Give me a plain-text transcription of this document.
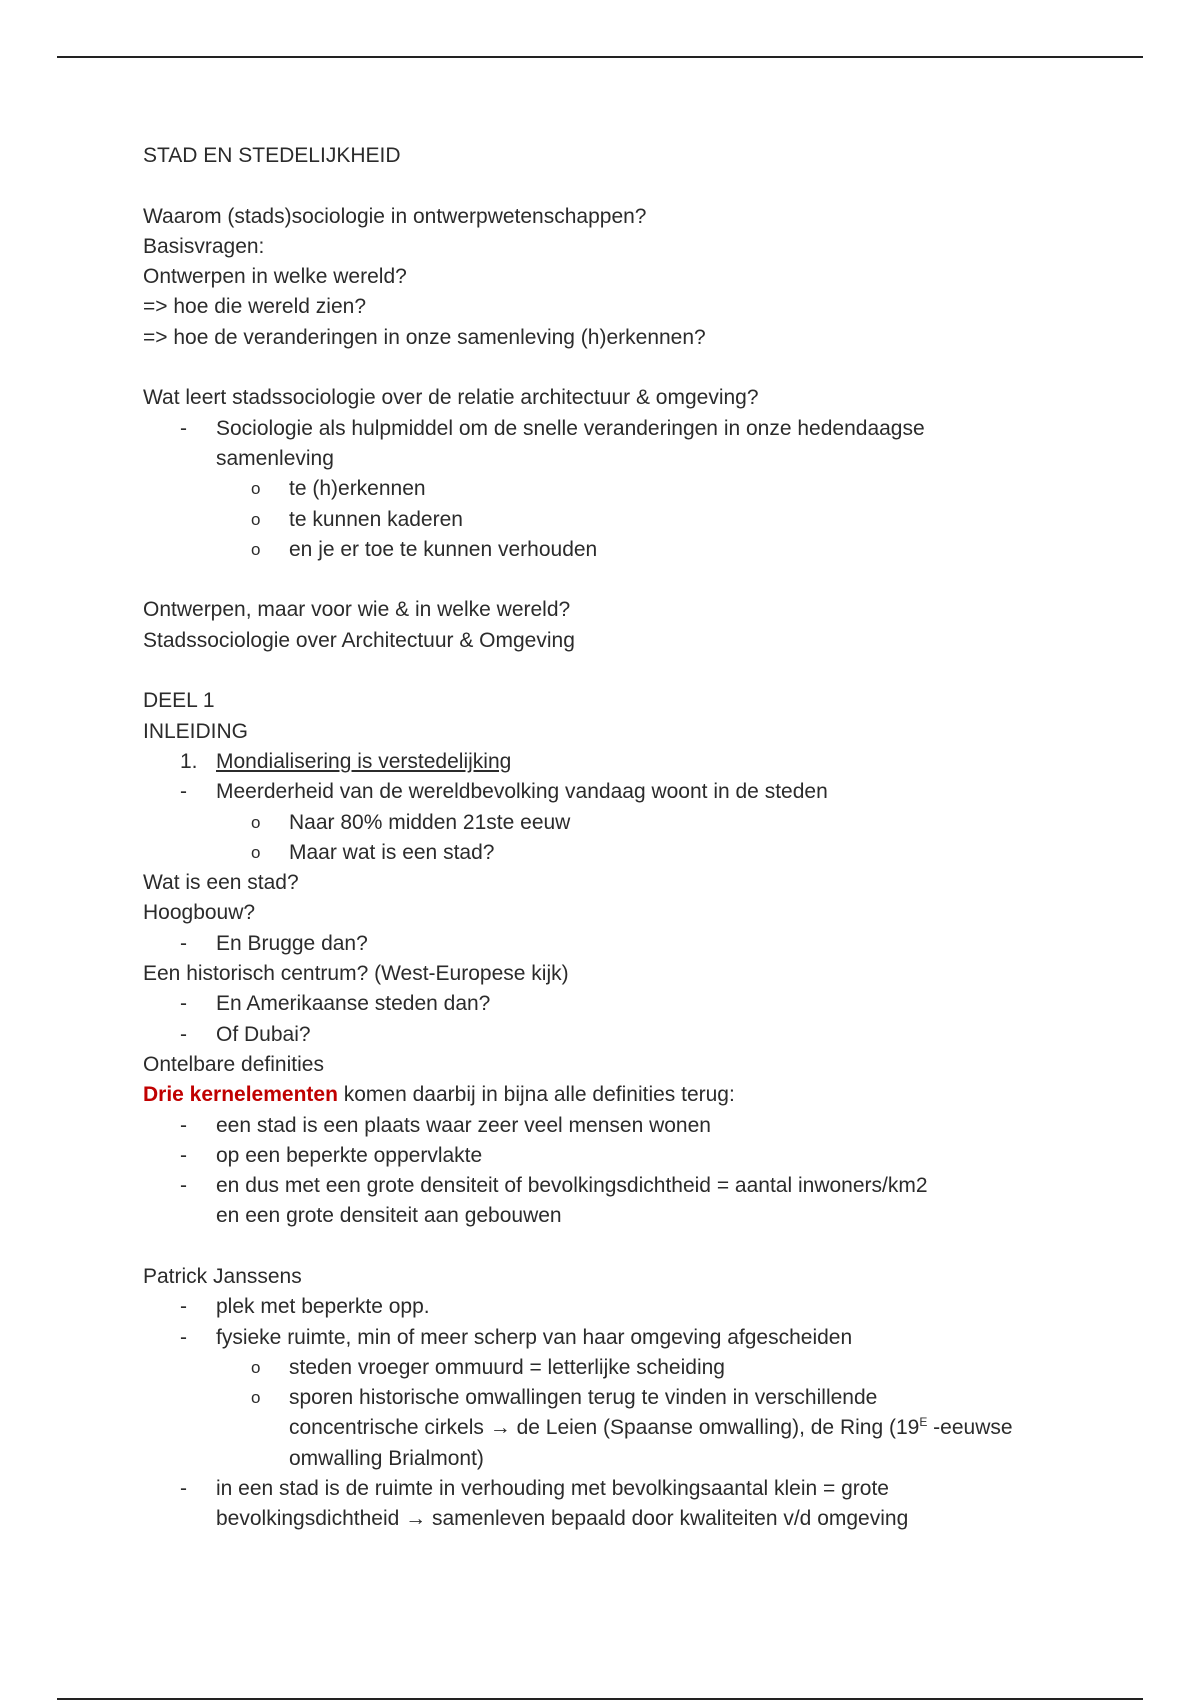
STAD EN STEDELIJKHEID
Waarom (stads)sociologie in ontwerpwetenschappen?
Basisvragen:
Ontwerpen in welke wereld?
=> hoe die wereld zien?
=> hoe de veranderingen in onze samenleving (h)erkennen?
Wat leert stadssociologie over de relatie architectuur & omgeving?
- Sociologie als hulpmiddel om de snelle veranderingen in onze hedendaagse
samenleving
o te (h)erkennen
o te kunnen kaderen
o en je er toe te kunnen verhouden
Ontwerpen, maar voor wie & in welke wereld?
Stadssociologie over Architectuur & Omgeving
DEEL 1
INLEIDING
1. Mondialisering is verstedelijking
- Meerderheid van de wereldbevolking vandaag woont in de steden
o Naar 80% midden 21ste eeuw
o Maar wat is een stad?
Wat is een stad?
Hoogbouw?
- En Brugge dan?
Een historisch centrum? (West-Europese kijk)
- En Amerikaanse steden dan?
- Of Dubai?
Ontelbare definities
Drie kernelementen komen daarbij in bijna alle definities terug:
- een stad is een plaats waar zeer veel mensen wonen
- op een beperkte oppervlakte
- en dus met een grote densiteit of bevolkingsdichtheid = aantal inwoners/km2
en een grote densiteit aan gebouwen
Patrick Janssens
- plek met beperkte opp.
- fysieke ruimte, min of meer scherp van haar omgeving afgescheiden
o steden vroeger ommuurd = letterlijke scheiding
o sporen historische omwallingen terug te vinden in verschillende
concentrische cirkels → de Leien (Spaanse omwalling), de Ring ($19^E$ -eeuwse
omwalling Brialmont)
- in een stad is de ruimte in verhouding met bevolkingsaantal klein = grote
bevolkingsdichtheid → samenleven bepaald door kwaliteiten v/d omgeving
